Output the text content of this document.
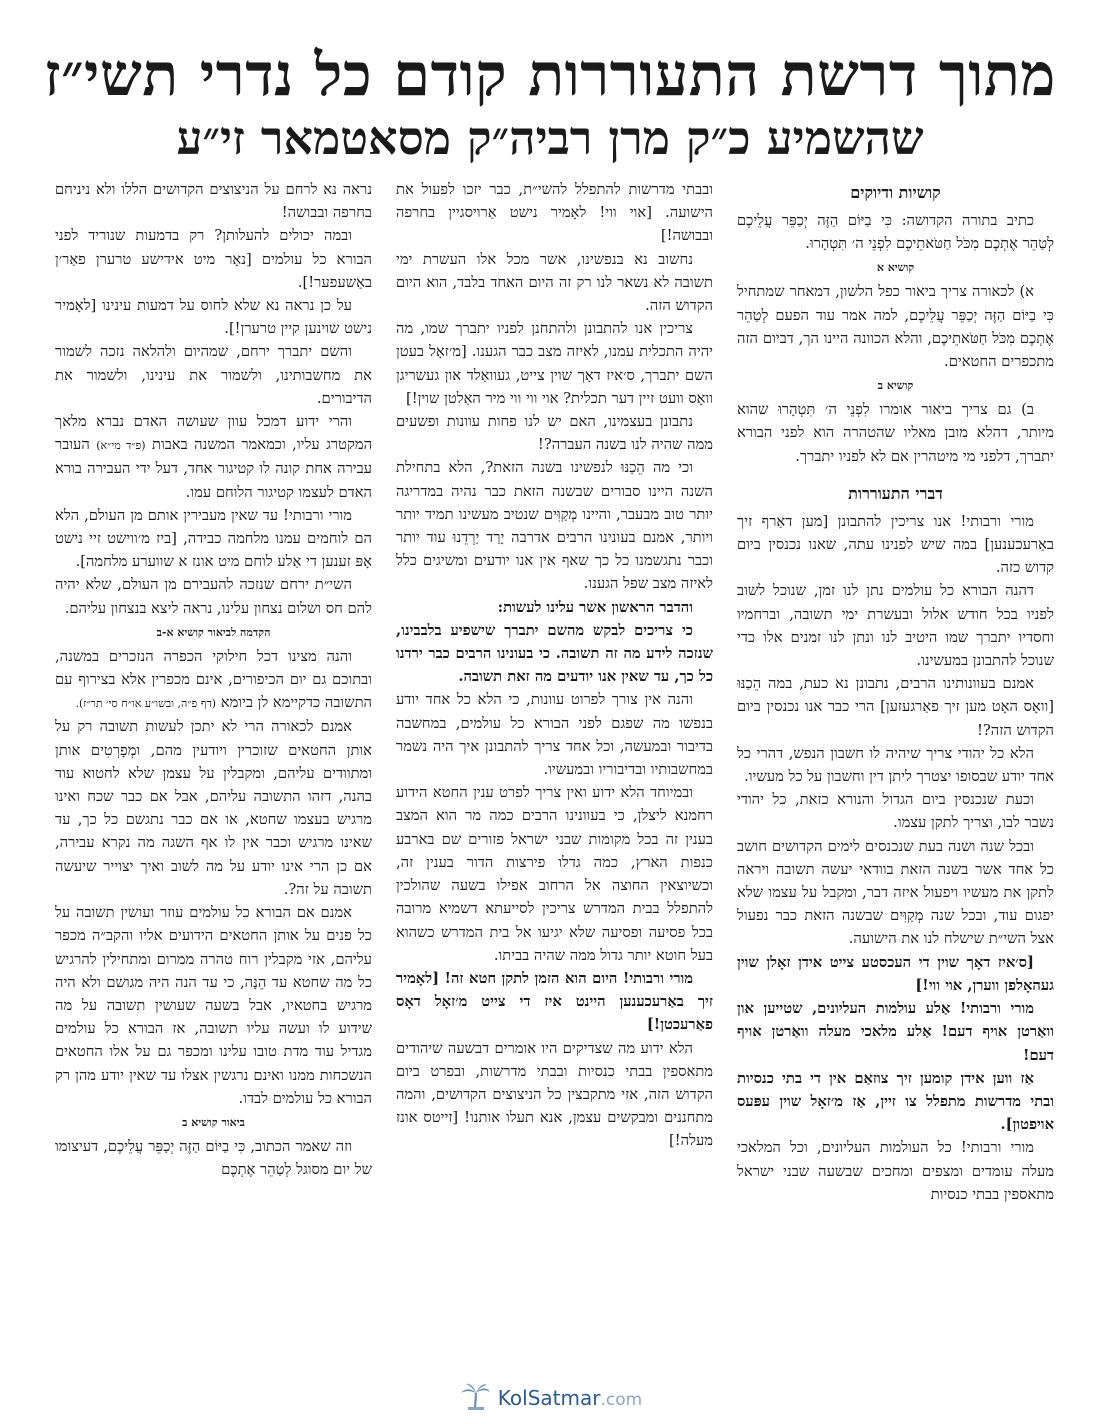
מתוך דרשת התעוררות קודם כל נדרי תשי״ז
שהשמיע כ״ק מרן רביה״ק מסאטמאר זי״ע
קושיות ודיוקים

כתיב בתורה הקדושה: כִּי בַיּוֹם הַזֶּה יְכַפֵּר עֲלֵיכֶם לְטַהֵר אֶתְכֶם מִכֹּל חַטֹּאתֵיכֶם לִפְנֵי ה׳ תִּטְהָרוּ.

קושיא א

א) לכאורה צריך ביאור כפל הלשון, דמאחר שמתחיל כִּי בַיּוֹם הַזֶּה יְכַפֵּר עֲלֵיכֶם, למה אמר עוד הפעם לְטַהֵר אֶתְכֶם מִכֹּל חַטֹּאתֵיכֶם, והלא הכוונה היינו הך, דביום הזה מתכפרים החטאים.

קושיא ב

ב) גם צריך ביאור אומרו לִפְנֵי ה׳ תִּטְהָרוּ שהוא מיותר, דהלא מובן מאליו שהטהרה הוא לפני הבורא יתברך, דלפני מי מיטהרין אם לא לפניו יתברך.

דברי התעוררות

מורי ורבותי! אנו צריכין להתבונן [מען דאַרף זיך באַרעכענען] במה שיש לפנינו עתה, שאנו נכנסין ביום קדוש כזה.

דהנה הבורא כל עולמים נתן לנו זמן, שנוכל לשוב לפניו בכל חודש אלול ובעשרת ימי תשובה, וברחמיו וחסדיו יתברך שמו היטיב לנו ונתן לנו זמנים אלו כדי שנוכל להתבונן במעשינו.

אמנם בעוונותינו הרבים, נתבונן נא כעת, במה הֵכַנּוּ [וואָס האָט מען זיך פאַרגעזען] הרי כבר אנו נכנסין ביום הקדוש הזה?!

הלא כל יהודי צריך שיהיה לו חשבון הנפש, דהרי כל אחד יודע שבסופו יצטרך ליתן דין וחשבון על כל מעשיו.

וכעת שנכנסין ביום הגדול והנורא כזאת, כל יהודי נשבר לבו, וצריך לתקן עצמו.

ובכל שנה ושנה בעת שנכנסים לימים הקדושים חושב כל אחד אשר בשנה הזאת בוודאי יעשה תשובה ויראה לתקן את מעשיו ויפעול איזה דבר, ומקבל על עצמו שלא יפגום עוד, ובכל שנה מְקַוִּים שבשנה הזאת כבר נפעול אצל השי״ת שישלח לנו את הישועה.

[ס׳איז דאָך שוין די העכסטע צייט אידן זאָלן שוין געהאָלפן ווערן, אוי ווי!]

מורי ורבותי! אַלע עולמות העליונים, שטייען און וואַרטן אויף דעם! אַלע מלאכי מעלה וואַרטן אויף דעם!

אַז ווען אידן קומען זיך צוזאַם אין די בתי כנסיות ובתי מדרשות מתפלל צו זיין, אַז מ׳זאָל שוין עפּעס אויפטון].

מורי ורבותי! כל העולמות העליונים, וכל המלאכי מעלה עומדים ומצפים ומחכים שבשעה שבני ישראל מתאספין בבתי כנסיות

ובבתי מדרשות להתפלל להשי״ת, כבר יזכו לפעול את הישועה. [אוי ווי! לאָמיר נישט אַרויסגיין בחרפה ובבושה!]

נחשוב נא בנפשינו, אשר מכל אלו העשרת ימי תשובה לא נשאר לנו רק זה היום האחד בלבד, הוא היום הקדוש הזה.

צריכין אנו להתבונן ולהתחנן לפניו יתברך שמו, מה יהיה התכלית עמנו, לאיזה מצב כבר הגענו. [מ׳זאָל בעטן השם יתברך, ס׳איז דאָך שוין צייט, געוואַלד און געשריגן וואָס וועט זיין דער תכלית? אוי ווי ווי מיר האַלטן שוין!]

נתבונן בעצמינו, האם יש לנו פחות עוונות ופשעים ממה שהיה לנו בשנה העברה?!

וכי מה הֵכַנּוּ לנפשינו בשנה הזאת?, הלא בתחילת השנה היינו סבורים שבשנה הזאת כבר נהיה במדריגה יותר טוב מבעבר, והיינו מְקַוִּים שנטיב מעשינו תמיד יותר ויותר, אמנם בעונינו הרבים אדרבה יָרַד יַרְדֵנוּ עוד יותר וכבר נתגשמנו כל כך שאף אין אנו יודעים ומשיגים כלל לאיזה מצב שפל הגענו.

והדבר הראשון אשר עלינו לעשות:

כי צריכים לבקש מהשם יתברך שישפיע בלבבינו, שנזכה לידע מה זה תשובה. כי בעונינו הרבים כבר ירדנו כל כך, עד שאין אנו יודעים מה זאת תשובה.

והנה אין צורך לפרוט עוונות, כי הלא כל אחד יודע בנפשו מה שפגם לפני הבורא כל עולמים, במחשבה בדיבור ובמעשה, וכל אחד צריך להתבונן איך היה נשמר במחשבותיו ובדיבוריו ובמעשיו.

ובמיוחד הלא ידוע ואין צריך לפרט ענין החטא הידוע רחמנא ליצלן, כי בעוונינו הרבים כמה מר הוא המצב בענין זה בכל מקומות שבני ישראל פזורים שם בארבע כנפות הארץ, כמה גדלו פירצות הדור בענין זה, וכשיוצאין החוצה אל הרחוב אפילו בשעה שהולכין להתפלל בבית המדרש צריכין לסייעתא דשמיא מרובה בכל פסיעה ופסיעה שלא יגיעו אל בית המדרש כשהוא בעל חוטא יותר גדול ממה שהיה בביתו.

מורי ורבותי! היום הוא הזמן לתקן חטא זה! [לאָמיר זיך באַרעכענען היינט איז די צייט מ׳זאָל דאָס פאַרעכטן!]

הלא ידוע מה שצדיקים היו אומרים דבשעה שיהודים מתאספין בבתי כנסיות ובבתי מדרשות, ובפרט ביום הקדוש הזה, אזי מתקבצין כל הניצוצים הקדושים, והמה מתחננים ומבקשים עצמן, אנא תעלו אותנו! [זייטס אונז מעלה!]

נראה נא לרחם על הניצוצים הקדושים הללו ולא ניניחם בחרפה ובבושה!

ובמה יכולים להעלותן? רק בדמעות שנוריד לפני הבורא כל עולמים [נאָר מיט אידישע טרערן פאַר׳ן באַשעפער!].

על כן נראה נא שלא לחוס על דמעות עינינו [לאָמיר נישט שוינען קיין טרערן!].

והשם יתברך ירחם, שמהיום ולהלאה נזכה לשמור את מחשבותינו, ולשמור את עינינו, ולשמור את הדיבורים.

והרי ידוע דמכל עוון שעושה האדם נברא מלאך המקטרג עליו, וכמאמר המשנה באבות (פ״ד מי״א) העובר עבירה אחת קונה לו קטיגור אחד, דעל ידי העבירה בורא האדם לעצמו קטיגור הלוחם עמו.

מורי ורבותי! עד שאין מעבירין אותם מן העולם, הלא הם לוחמים עמנו מלחמה כבידה, [ביז מ׳ווישט זיי נישט אָפּ זענען די אַלע לוחם מיט אונז א שווערע מלחמה].

השי״ת ירחם שנזכה להעבירם מן העולם, שלא יהיה להם חס ושלום נצחון עלינו, נראה ליצא בנצחון עליהם.

הקדמה לביאור קושיא א-ב

והנה מצינו דכל חילוקי הכפרה הנזכרים במשנה, ובתוכם גם יום הכיפורים, אינם מכפרין אלא בצירוף עם התשובה כדקיימא לן ביומא (דף פ״ה, ובשו״ע או״ח סי׳ תר״ז).

אמנם לכאורה הרי לא יתכן לעשות תשובה רק על אותן החטאים שזוכרין ויודעין מהם, ומְפָרְטִים אותן ומתוודים עליהם, ומקבלין על עצמן שלא לחטוא עוד בהנה, דזהו התשובה עליהם, אבל אם כבר שכח ואינו מרגיש בעצמו שחטא, או אם כבר נתגשם כל כך, עד שאינו מרגיש וכבר אין לו אף השגה מה נקרא עבירה, אם כן הרי אינו יודע על מה לשוב ואיך יצוייר שיעשה תשובה על זה?.

אמנם אם הבורא כל עולמים עוזר ועושין תשובה על כל פנים על אותן החטאים הידועים אליו והקב״ה מכפר עליהם, אזי מקבלין רוח טהרה ממרום ומתחילין להרגיש כל מה שחטא עד הֵנָּה, כי עד הנה היה מגושם ולא היה מרגיש בחטאיו, אבל בשעה שעושין תשובה על מה שידוע לו ועשה עליו תשובה, אז הבורא כל עולמים מגדיל עוד מדת טובו עלינו ומכפר גם על אלו החטאים הנשכחות ממנו ואינם נרגשין אצלו עד שאין יודע מהן רק הבורא כל עולמים לבדו.

ביאור קושיא ב

וזה שאמר הכתוב, כִּי בַיּוֹם הַזֶּה יְכַפֵּר עֲלֵיכֶם, דעיצומו של יום מסוגל לְטַהֵר אֶתְכֶם

KolSatmar.com
